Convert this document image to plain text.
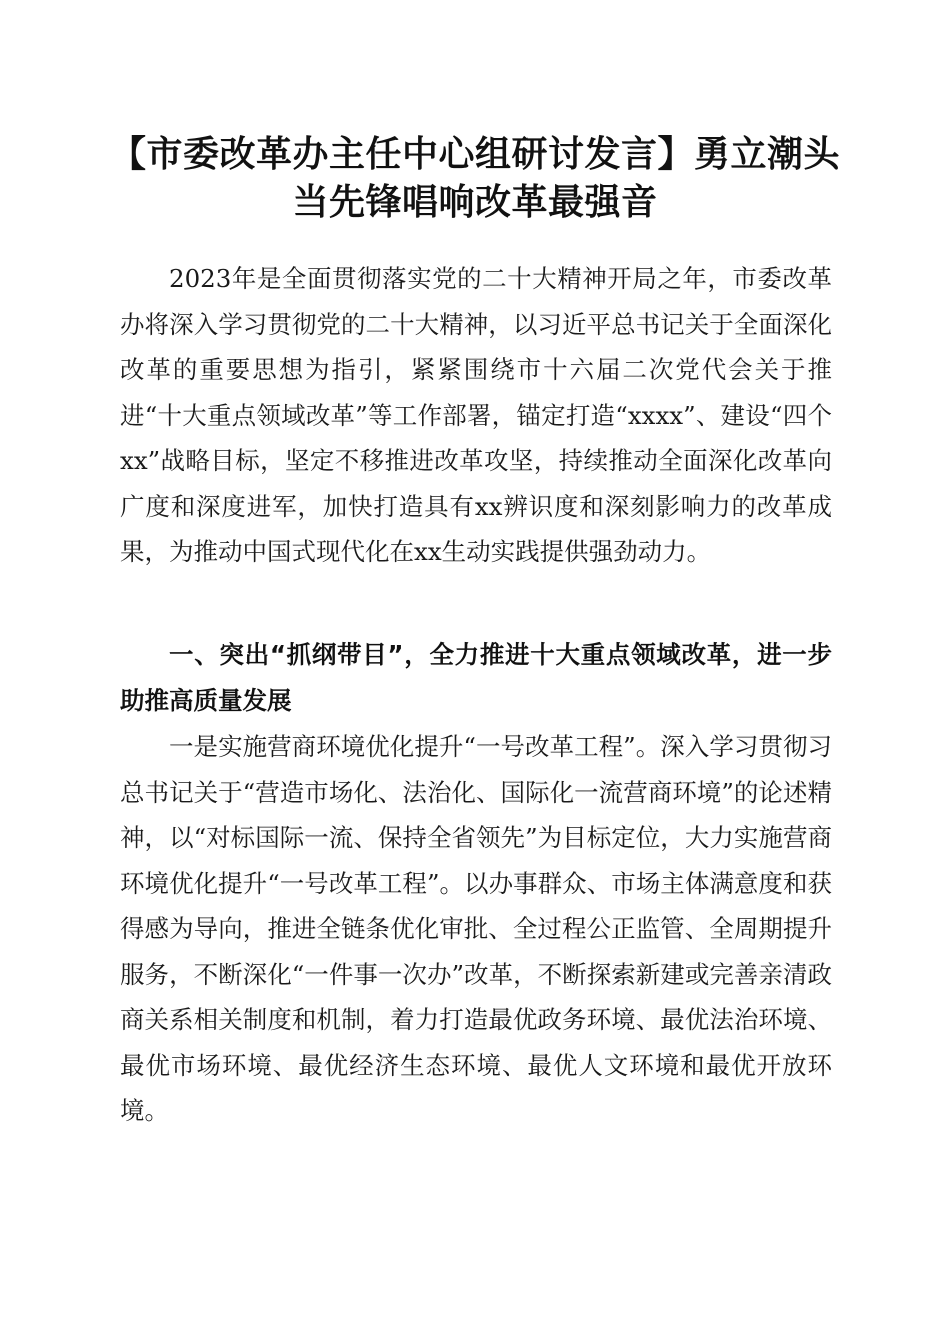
【市委改革办主任中心组研讨发言】勇立潮头
当先锋唱响改革最强音

2023年是全面贯彻落实党的二十大精神开局之年，市委改革办将深入学习贯彻党的二十大精神，以习近平总书记关于全面深化改革的重要思想为指引，紧紧围绕市十六届二次党代会关于推进“十大重点领域改革”等工作部署，锚定打造“xxxx”、建设“四个xx”战略目标，坚定不移推进改革攻坚，持续推动全面深化改革向广度和深度进军，加快打造具有xx辨识度和深刻影响力的改革成果，为推动中国式现代化在xx生动实践提供强劲动力。

一、突出“抓纲带目”，全力推进十大重点领域改革，进一步助推高质量发展

一是实施营商环境优化提升“一号改革工程”。深入学习贯彻习总书记关于“营造市场化、法治化、国际化一流营商环境”的论述精神，以“对标国际一流、保持全省领先”为目标定位，大力实施营商环境优化提升“一号改革工程”。以办事群众、市场主体满意度和获得感为导向，推进全链条优化审批、全过程公正监管、全周期提升服务，不断深化“一件事一次办”改革，不断探索新建或完善亲清政商关系相关制度和机制，着力打造最优政务环境、最优法治环境、最优市场环境、最优经济生态环境、最优人文环境和最优开放环境。
